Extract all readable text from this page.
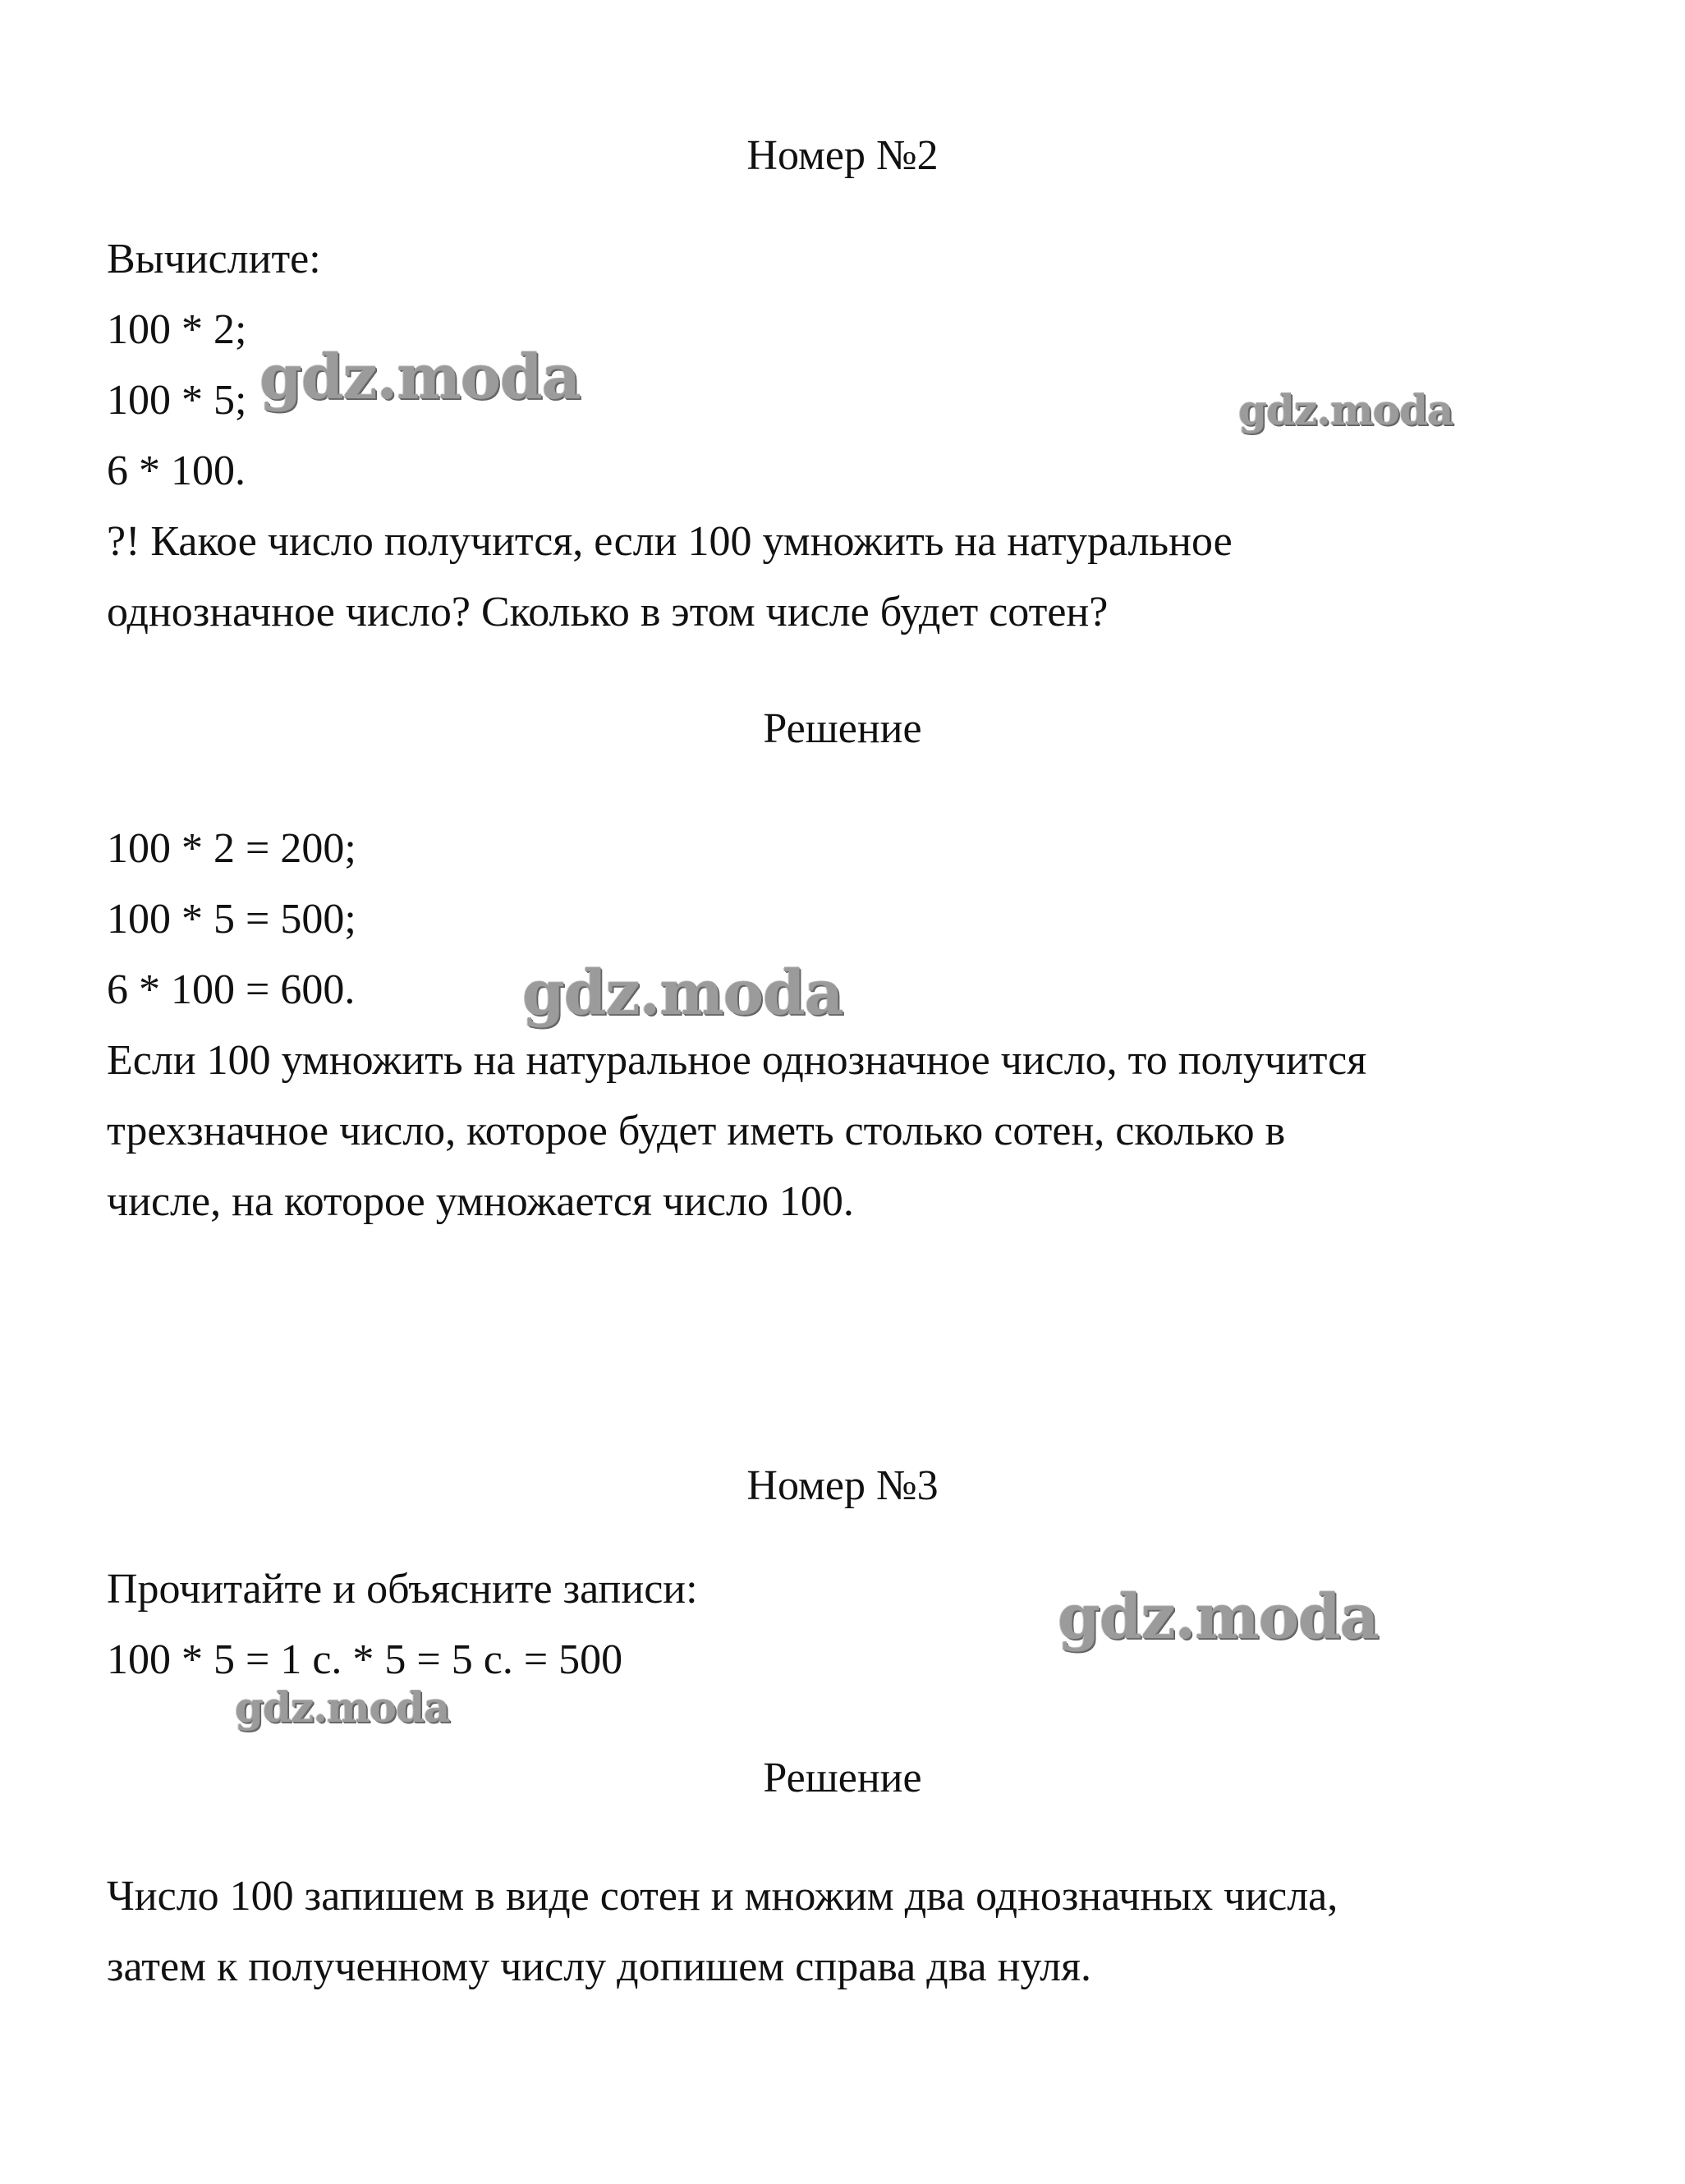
Номер №2
Вычислите:
100 * 2;
100 * 5;
6 * 100.
?! Какое число получится, если 100 умножить на натуральное
однозначное число? Сколько в этом числе будет сотен?
Решение
100 * 2 = 200;
100 * 5 = 500;
6 * 100 = 600.
Если 100 умножить на натуральное однозначное число, то получится
трехзначное число, которое будет иметь столько сотен, сколько в
числе, на которое умножается число 100.
Номер №3
Прочитайте и объясните записи:
100 * 5 = 1 с. * 5 = 5 с. = 500
Решение
Число 100 запишем в виде сотен и множим два однозначных числа,
затем к полученному числу допишем справа два нуля.
gdz.moda	gdz.moda
gdz.moda
gdz.moda
gdz.moda
